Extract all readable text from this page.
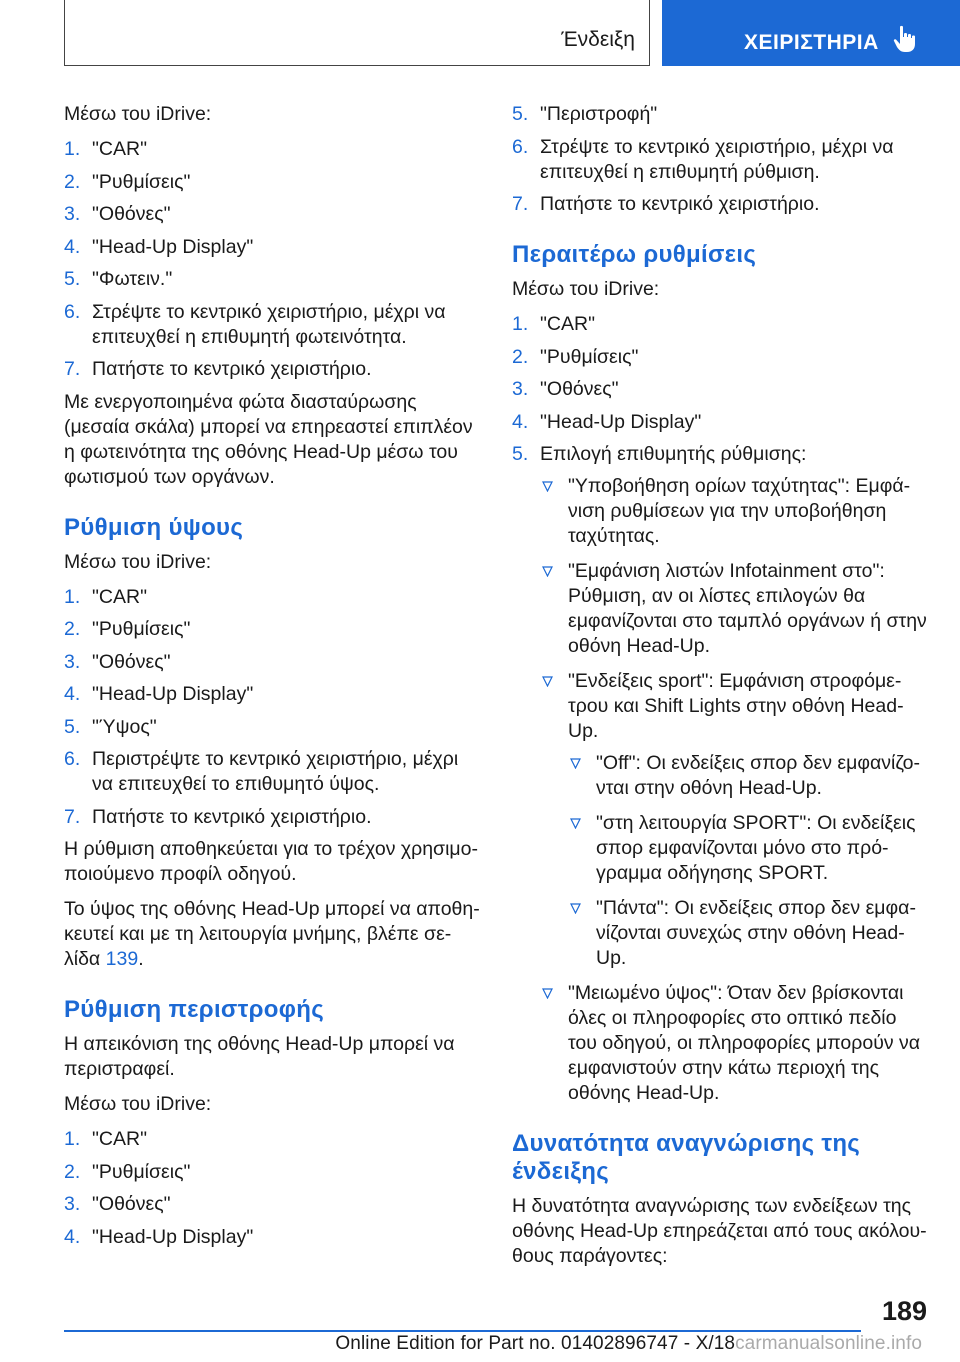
Ένδειξη	ΧΕΙΡΙΣΤΗΡΙΑ
Μέσω του iDrive:
1. "CAR"
2. "Ρυθμίσεις"
3. "Οθόνες"
4. "Head-Up Display"
5. "Φωτειν."
6. Στρέψτε το κεντρικό χειριστήριο, μέχρι να επιτευχθεί η επιθυμητή φωτεινότητα.
7. Πατήστε το κεντρικό χειριστήριο.
Με ενεργοποιημένα φώτα διασταύρωσης (μεσαία σκάλα) μπορεί να επηρεαστεί επιπλέον η φωτεινότητα της οθόνης Head-Up μέσω του φωτισμού των οργάνων.
Ρύθμιση ύψους
Μέσω του iDrive:
1. "CAR"
2. "Ρυθμίσεις"
3. "Οθόνες"
4. "Head-Up Display"
5. "Ύψος"
6. Περιστρέψτε το κεντρικό χειριστήριο, μέχρι να επιτευχθεί το επιθυμητό ύψος.
7. Πατήστε το κεντρικό χειριστήριο.
Η ρύθμιση αποθηκεύεται για το τρέχον χρησιμοποιούμενο προφίλ οδηγού.
Το ύψος της οθόνης Head-Up μπορεί να αποθηκευτεί και με τη λειτουργία μνήμης, βλέπε σελίδα 139.
Ρύθμιση περιστροφής
Η απεικόνιση της οθόνης Head-Up μπορεί να περιστραφεί.
Μέσω του iDrive:
1. "CAR"
2. "Ρυθμίσεις"
3. "Οθόνες"
4. "Head-Up Display"
5. "Περιστροφή"
6. Στρέψτε το κεντρικό χειριστήριο, μέχρι να επιτευχθεί η επιθυμητή ρύθμιση.
7. Πατήστε το κεντρικό χειριστήριο.
Περαιτέρω ρυθμίσεις
Μέσω του iDrive:
1. "CAR"
2. "Ρυθμίσεις"
3. "Οθόνες"
4. "Head-Up Display"
5. Επιλογή επιθυμητής ρύθμισης:
"Υποβοήθηση ορίων ταχύτητας": Εμφάνιση ρυθμίσεων για την υποβοήθηση ταχύτητας.
"Εμφάνιση λιστών Infotainment στο": Ρύθμιση, αν οι λίστες επιλογών θα εμφανίζονται στο ταμπλό οργάνων ή στην οθόνη Head-Up.
"Ενδείξεις sport": Εμφάνιση στροφόμετρου και Shift Lights στην οθόνη Head-Up.
"Off": Οι ενδείξεις σπορ δεν εμφανίζονται στην οθόνη Head-Up.
"στη λειτουργία SPORT": Οι ενδείξεις σπορ εμφανίζονται μόνο στο πρόγραμμα οδήγησης SPORT.
"Πάντα": Οι ενδείξεις σπορ δεν εμφανίζονται συνεχώς στην οθόνη Head-Up.
"Μειωμένο ύψος": Όταν δεν βρίσκονται όλες οι πληροφορίες στο οπτικό πεδίο του οδηγού, οι πληροφορίες μπορούν να εμφανιστούν στην κάτω περιοχή της οθόνης Head-Up.
Δυνατότητα αναγνώρισης της ένδειξης
Η δυνατότητα αναγνώρισης των ενδείξεων της οθόνης Head-Up επηρεάζεται από τους ακόλουθους παράγοντες:
189
Online Edition for Part no. 01402896747 - X/18carmanualsonline.info
